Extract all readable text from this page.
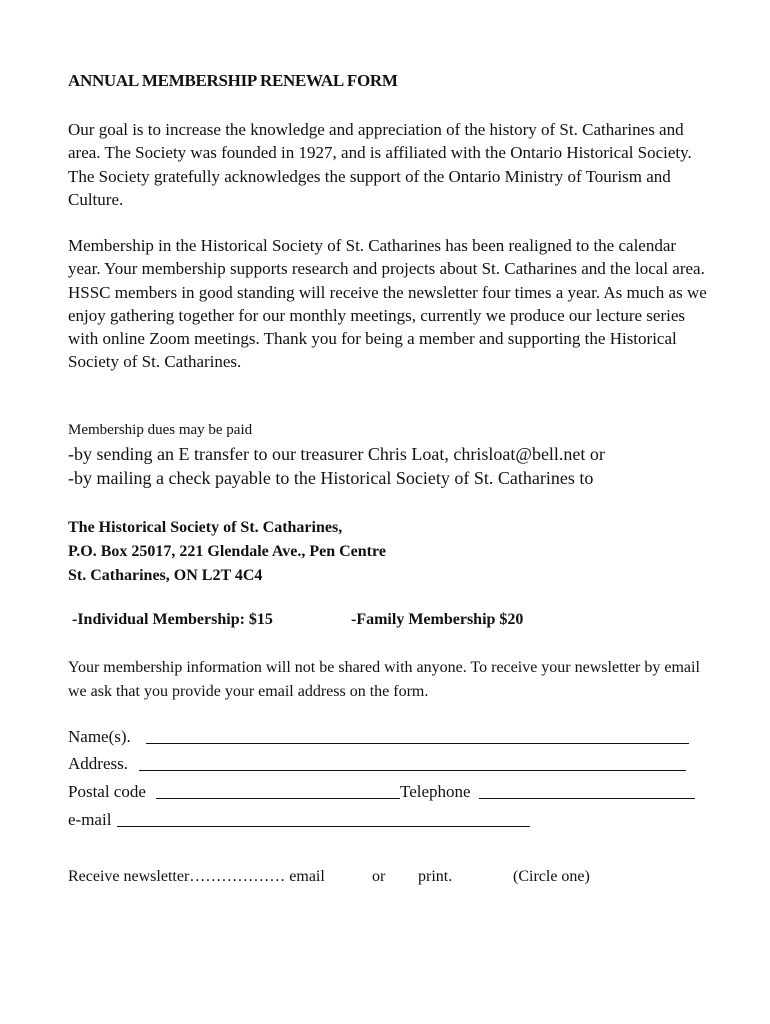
ANNUAL MEMBERSHIP RENEWAL FORM
Our goal is to increase the knowledge and appreciation of the history of St. Catharines and area. The Society was founded in 1927, and is affiliated with the Ontario Historical Society. The Society gratefully acknowledges the support of the Ontario Ministry of Tourism and Culture.
Membership in the Historical Society of St. Catharines has been realigned to the calendar year. Your membership supports research and projects about St. Catharines and the local area. HSSC members in good standing will receive the newsletter four times a year. As much as we enjoy gathering together for our monthly meetings, currently we produce our lecture series with online Zoom meetings. Thank you for being a member and supporting the Historical Society of St. Catharines.
Membership dues may be paid
-by sending an E transfer to our treasurer Chris Loat, chrisloat@bell.net or
-by mailing a check payable to the Historical Society of St. Catharines to
The Historical Society of St. Catharines,
P.O. Box 25017, 221 Glendale Ave., Pen Centre
St. Catharines, ON L2T 4C4
-Individual Membership: $15	-Family Membership $20
Your membership information will not be shared with anyone. To receive your newsletter by email we ask that you provide your email address on the form.
Name(s).
Address.
Postal code	Telephone
e-mail
Receive newsletter……………… email	or print.	(Circle one)
